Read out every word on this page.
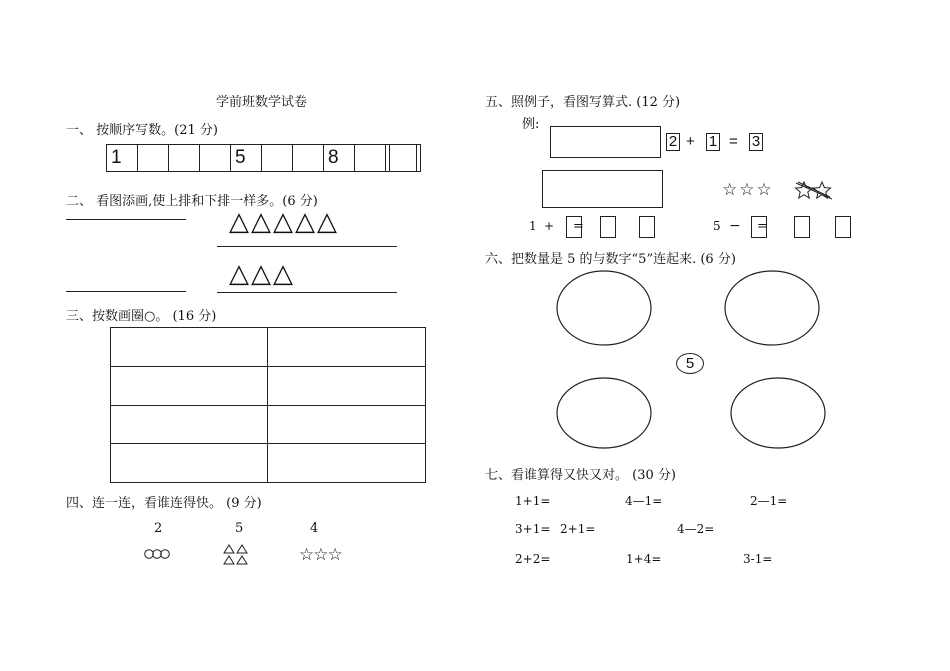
学前班数学试卷
一、 按顺序写数。(21 分)
1	5	8
二、 看图添画,使上排和下排一样多。(6 分)
△△△△△
△△△
三、按数画圈○。 (16 分)
四、连一连，看谁连得快。 (9 分)
2	5	4
☆☆☆
五、照例子，看图写算式. (12 分)
例:
2 + 1 = 3
☆☆☆
1 + =	5 − =
六、把数量是 5 的与数字“5”连起来. (6 分)
5
七、看谁算得又快又对。 (30 分)
1+1=	4—1=	2—1=
3+1= 2+1=	4—2=
2+2=	1+4=	3-1=
